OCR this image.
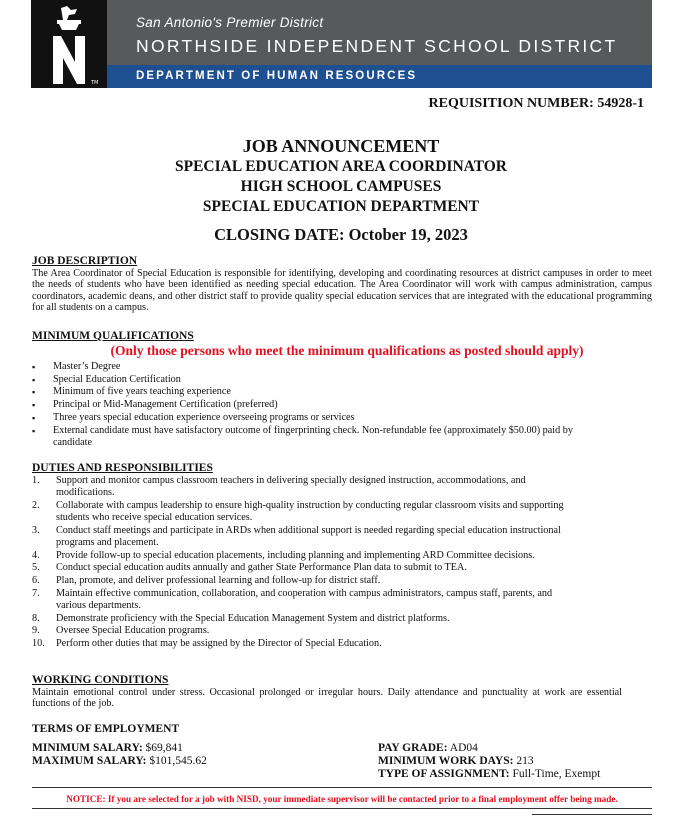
TM
San Antonio's Premier District
NORTHSIDE INDEPENDENT SCHOOL DISTRICT
DEPARTMENT OF HUMAN RESOURCES
REQUISITION NUMBER: 54928-1
JOB ANNOUNCEMENT
SPECIAL EDUCATION AREA COORDINATOR
HIGH SCHOOL CAMPUSES
SPECIAL EDUCATION DEPARTMENT
CLOSING DATE: October 19, 2023
JOB DESCRIPTION
The Area Coordinator of Special Education is responsible for identifying, developing and coordinating resources at district campuses in order to meet the needs of students who have been identified as needing special education. The Area Coordinator will work with campus administration, campus coordinators, academic deans, and other district staff to provide quality special education services that are integrated with the educational programming for all students on a campus.
MINIMUM QUALIFICATIONS
(Only those persons who meet the minimum qualifications as posted should apply)
▪ Master’s Degree
▪ Special Education Certification
▪ Minimum of five years teaching experience
▪ Principal or Mid-Management Certification (preferred)
▪ Three years special education experience overseeing programs or services
▪ External candidate must have satisfactory outcome of fingerprinting check. Non-refundable fee (approximately $50.00) paid by candidate
DUTIES AND RESPONSIBILITIES
1.	Support and monitor campus classroom teachers in delivering specially designed instruction, accommodations, and modifications.
2.	Collaborate with campus leadership to ensure high-quality instruction by conducting regular classroom visits and supporting students who receive special education services.
3.	Conduct staff meetings and participate in ARDs when additional support is needed regarding special education instructional programs and placement.
4.	Provide follow-up to special education placements, including planning and implementing ARD Committee decisions.
5.	Conduct special education audits annually and gather State Performance Plan data to submit to TEA.
6.	Plan, promote, and deliver professional learning and follow-up for district staff.
7.	Maintain effective communication, collaboration, and cooperation with campus administrators, campus staff, parents, and various departments.
8.	Demonstrate proficiency with the Special Education Management System and district platforms.
9.	Oversee Special Education programs.
10.	Perform other duties that may be assigned by the Director of Special Education.
WORKING CONDITIONS
Maintain emotional control under stress. Occasional prolonged or irregular hours. Daily attendance and punctuality at work are essential functions of the job.
TERMS OF EMPLOYMENT
MINIMUM SALARY: $69,841
MAXIMUM SALARY: $101,545.62
PAY GRADE: AD04
MINIMUM WORK DAYS: 213
TYPE OF ASSIGNMENT: Full-Time, Exempt
NOTICE: If you are selected for a job with NISD, your immediate supervisor will be contacted prior to a final employment offer being made.
